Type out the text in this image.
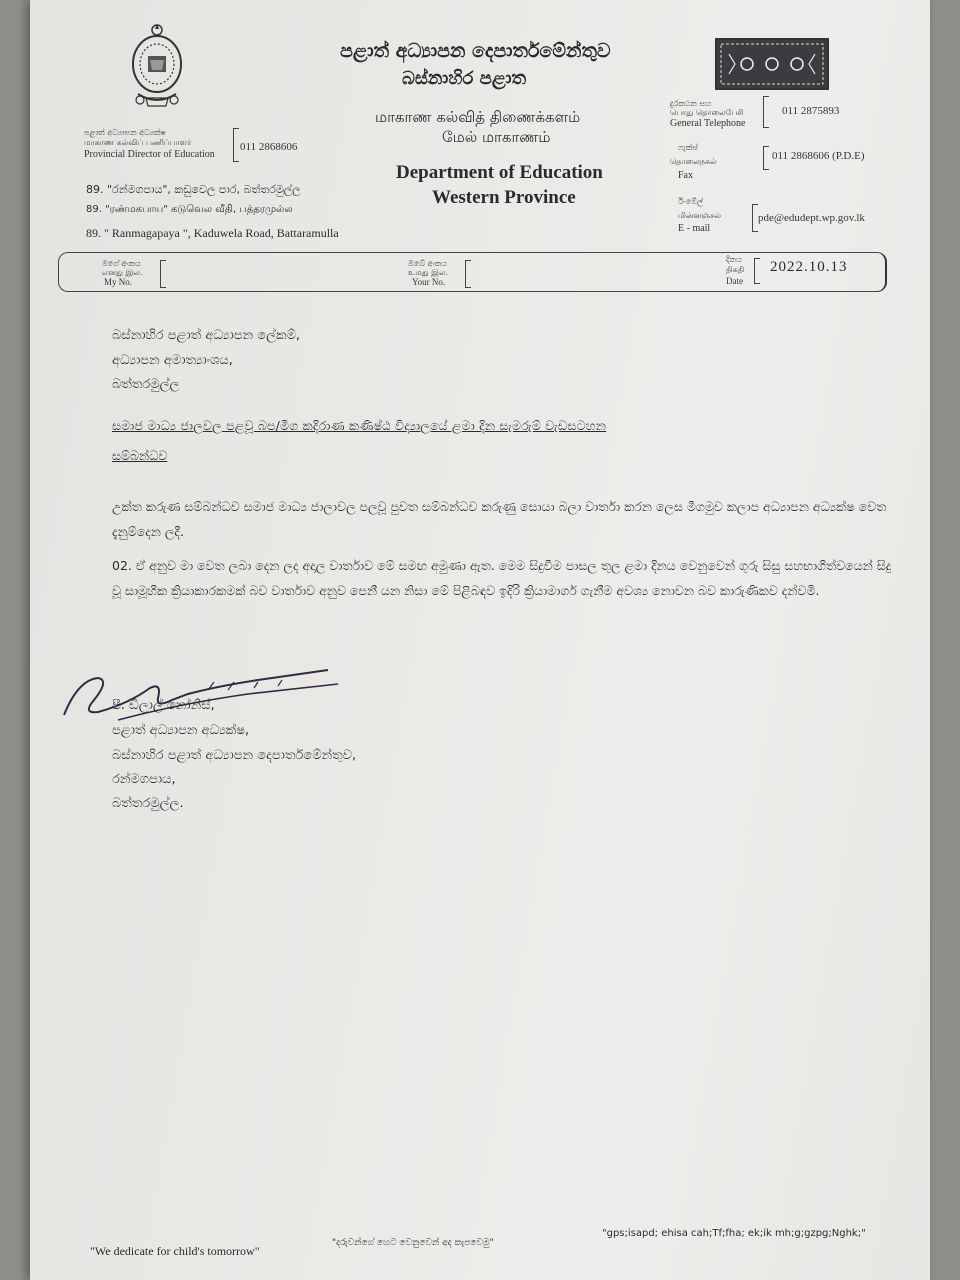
පළාත් අධ්‍යාපන දෙපාර්තමේන්තුව
බස්නාහිර පළාත
மாகாண கல்வித் திணைக்களம்
மேல் மாகாணம்
Department of Education
Western Province
පළාත් අධ්‍යාපන අධ්‍යක්ෂ
மாகாண கல்விப் பணிப்பாளர்
Provincial Director of Education
011 2868606
89. "රන්මගපාය", කඩුවෙල පාර, බත්තරමුල්ල
89. "ரண்மகபாய" கடுவெல வீதி, பத்தரமுல்ல
89. " Ranmagapaya ", Kaduwela Road, Battaramulla
දුරකථන සහ
பொது தொலைபேசி
General Telephone
011 2875893
ෆැක්ස්
தொலைநகல்
Fax
011 2868606 (P.D.E)
ඊ-මේල්
மின்னஞ்சல்
E - mail
pde@edudept.wp.gov.lk
මගේ අංකය
எனது இல.
My No.
ඔබේ අංකය
உமது இல.
Your No.
දිනය
திகதி
Date
2022.10.13
බස්නාහිර පළාත් අධ්‍යාපන ලේකම්,
අධ්‍යාපන අමාත්‍යාංශය,
බත්තරමුල්ල
සමාජ මාධ්‍ය ජාලවල පළවූ බප/මීග කදිරාණ කණිෂ්ඨ විද්‍යාලයේ ළමා දින සැමරුම් වැඩසටහන
සම්බන්ධව
උක්ත කරුණ සම්බන්ධව සමාජ මාධ්‍ය ජාලාවල පලවූ පුවත සම්බන්ධව කරුණු සොයා බලා වාර්තා කරන ලෙස මීගමුව කලාප අධ්‍යාපන අධ්‍යක්ෂ වෙත දැනුම්දෙන ලදී.
02. ඒ අනුව මා වෙත ලබා දෙන ලද අදාල වාර්තාව මේ සමඟ අමුණා ඇත. මෙම සිදුවීම පාසල තුල ළමා දිනය වෙනුවෙන් ගුරු සිසු සහභාගිත්වයෙන් සිදු වූ සාමූහික ක්‍රියාකාරකමක් බව වාර්තාව අනුව පෙනී යන නිසා මේ පිළිබඳව ඉදිරි ක්‍රියාමාර්ග ගැනීම අවශ්‍ය නොවන බව කාරුණිකව දන්වමි.
පී. ඩිලාල් නෝනිස්,
පළාත් අධ්‍යාපන අධ්‍යක්ෂ,
බස්නාහිර පළාත් අධ්‍යාපන දෙපාර්තමේන්තුව,
රන්මගපාය,
බත්තරමුල්ල.
"We dedicate for child's tomorrow"
"දරුවන්ගේ හෙට වෙනුවෙන් අද කැපවෙමු"
"gps;isapd; ehisa cah;Tf;fha; ek;ik mh;g;gzpg;Nghk;"
